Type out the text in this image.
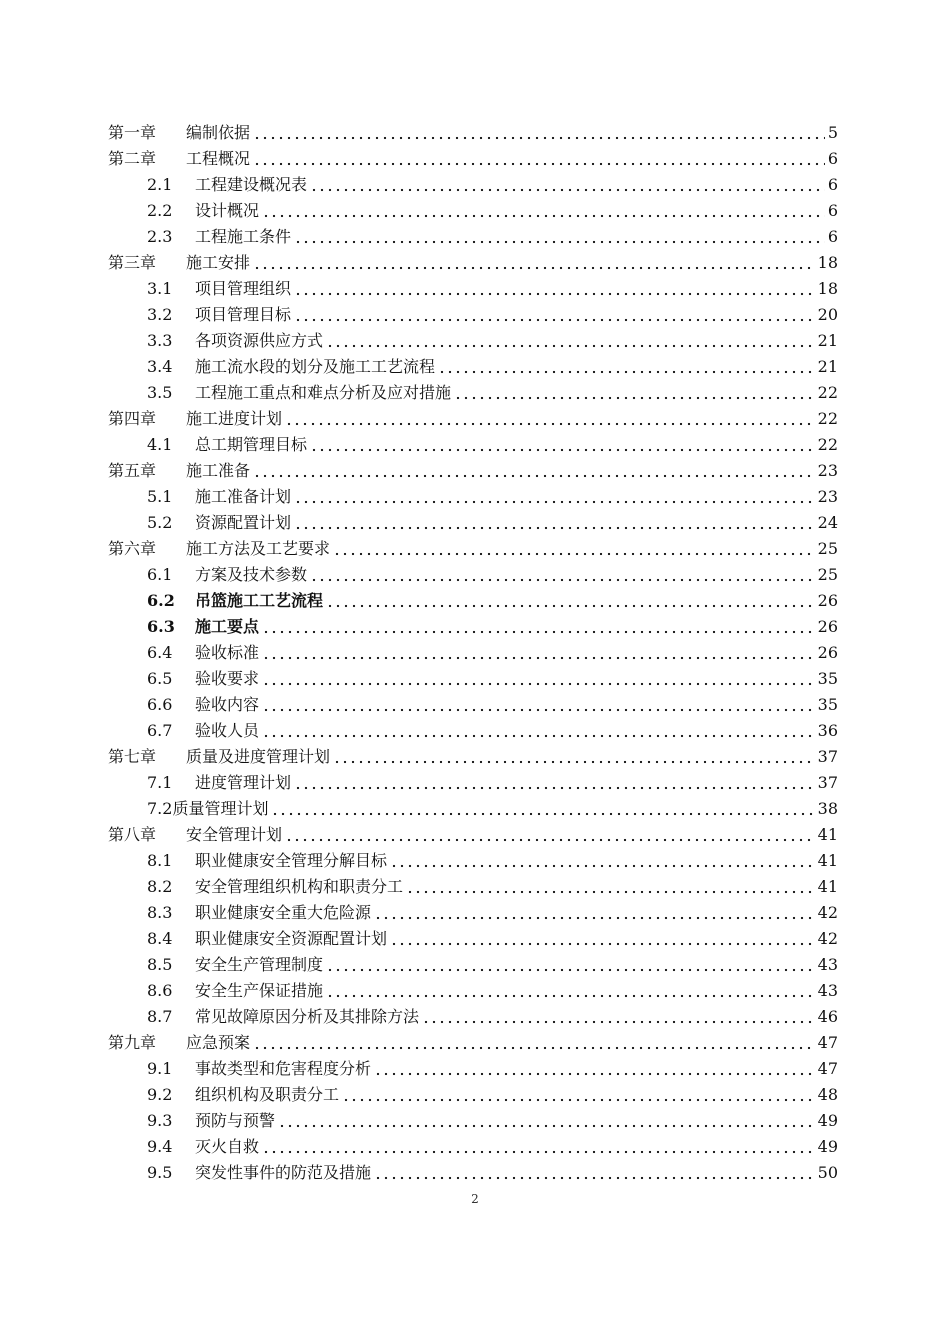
第一章	编制依据	5
第二章	工程概况	6
2.1	工程建设概况表	6
2.2	设计概况	6
2.3	工程施工条件	6
第三章	施工安排	18
3.1	项目管理组织	18
3.2	项目管理目标	20
3.3	各项资源供应方式	21
3.4	施工流水段的划分及施工工艺流程	21
3.5	工程施工重点和难点分析及应对措施	22
第四章	施工进度计划	22
4.1	总工期管理目标	22
第五章	施工准备	23
5.1	施工准备计划	23
5.2	资源配置计划	24
第六章	施工方法及工艺要求	25
6.1	方案及技术参数	25
6.2	吊篮施工工艺流程	26
6.3	施工要点	26
6.4	验收标准	26
6.5	验收要求	35
6.6	验收内容	35
6.7	验收人员	36
第七章	质量及进度管理计划	37
7.1	进度管理计划	37
7.2 质量管理计划	38
第八章	安全管理计划	41
8.1	职业健康安全管理分解目标	41
8.2	安全管理组织机构和职责分工	41
8.3	职业健康安全重大危险源	42
8.4	职业健康安全资源配置计划	42
8.5	安全生产管理制度	43
8.6	安全生产保证措施	43
8.7	常见故障原因分析及其排除方法	46
第九章	应急预案	47
9.1	事故类型和危害程度分析	47
9.2	组织机构及职责分工	48
9.3	预防与预警	49
9.4	灭火自救	49
9.5	突发性事件的防范及措施	50
2
